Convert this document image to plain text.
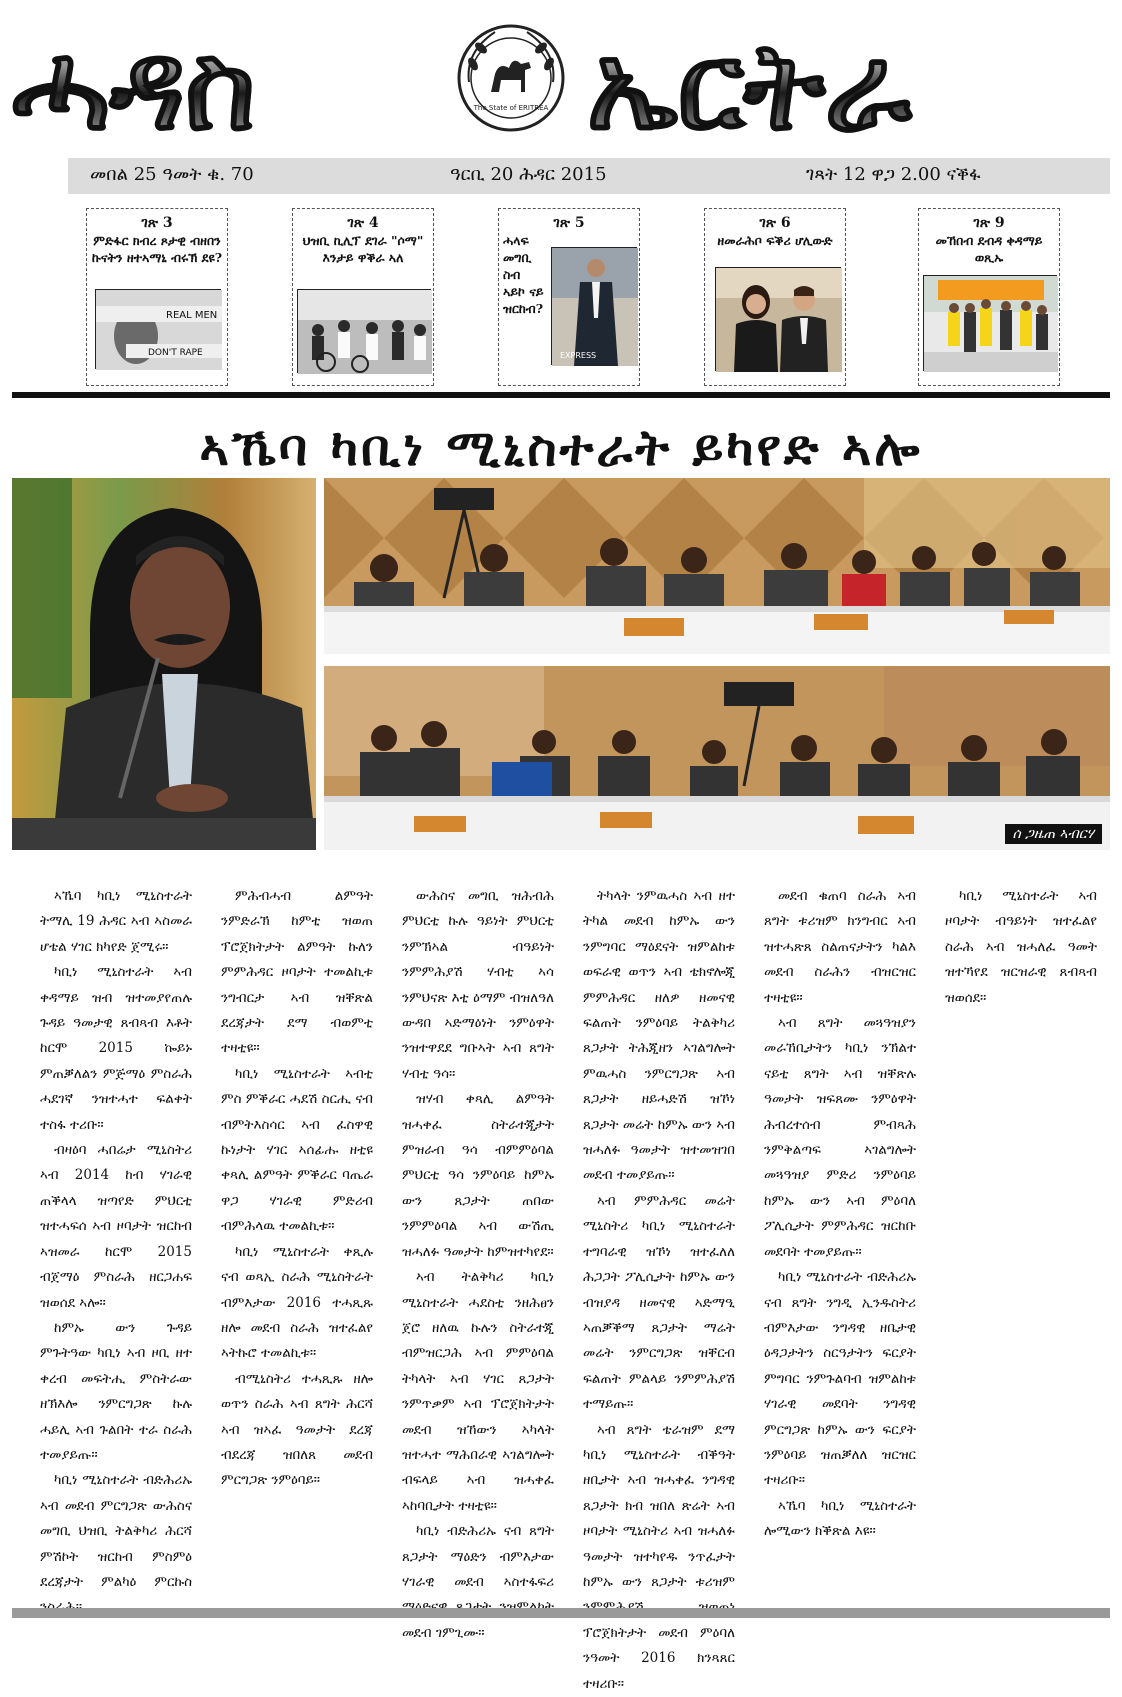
ሓዳስ	The State of ERITREA ኤርትራ
መበል 25 ዓመት ቁ. 70	ዓርቢ 20 ሕዳር 2015	ገጻት 12 ዋጋ 2.00 ናቕፋ
ገጽ 3
ምድፋር ክብረ ጾታዊ ብዘበን ኩናትን ዘተኣማኒ ብሩኽ ደዩ?
REAL MEN
DON'T RAPE
ገጽ 4
ህዝቢ ኪሊፕ ደገራ "ሶማ" እንታይ ዋቕራ ኣለ
ገጽ 5
ሓላፍ መግቢ ስብ ኣይኮ ናይ ዝርከብ?
EXPRESS
ገጽ 6
ዘመራሕቦ ፍቕሪ ሆሊውድ
ገጽ 9
መኸበብ ደብዳ ቀዳማይ ወጺኡ
ኣኼባ ካቢነ ሚኒስተራት ይካየድ ኣሎ
ሰ ጋዜጠ ኣብርሃ

ኣኼባ ካቢነ ሚኒስተራት ትማሊ 19 ሕዳር ኣብ ኣስመራ ሆቴል ሃገር ክካየድ ጀሚሩ።

ካቢነ ሚኒስተራት ኣብ ቀዳማይ ዝብ ዝተመያየጠሉ ጉዳይ ዓመታዊ ጸብጻብ እቶት ከርሞ 2015 ኰይኑ ምጠቓለልን ምጅማዕ ምስራሕ ሓደገኛ ንዝተሓተ ፍልቀት ተስፋ ተሪቡ።

ብዛዕባ ሓበሬታ ሚኒስትሪ ኣብ 2014 ከብ ሃገራዊ ጠቕላላ ዝጣየድ ምህርቲ ዝተሓፍሰ ኣብ ዞባታት ዝርከብ ኣዝመራ ከርሞ 2015 ብጀማዕ ምስራሕ ዘርጋሐፍ ዝወሰደ ኣሎ።

ከምኡ ውን ጉዳይ ምጉትዓው ካቢነ ኣብ ዞቢ ዘተ ቀረብ መፍትሒ ምስትራው ዘኽእሎ ንምርግጋጽ ኩሉ ሓይሊ ኣብ ጉልበት ተራ ስራሕ ተመያይጡ።

ካቢነ ሚኒስተራት ብድሕሪኡ ኣብ መደብ ምርግጋጽ ውሕስና መግቢ ህዝቢ ትልቅካሪ ሕርሻ ምሽኮት ዝርከብ ምስምዕ ደረጃታት ምልካዕ ምርኩስ

ምሕብሓብ ልምዓት ንምድራኽ ከምቲ ዝወጠ ፕሮጀክትታት ልምዓት ኩለን ምምሕዳር ዞባታት ተመልኪቱ ንግብርታ ኣብ ዝቐጽል ደረጃታት ደማ ብወምቲ ተዛቲዩ።

ካቢነ ሚኒስተራት ኣብቲ ምስ ምቕራር ሓደሽ ስርሒ ናብ ብምትእስሳር ኣብ ፈስዋዊ ኩነታት ሃገር ኣሰፊሑ ዘቲዩ ቀጻሊ ልምዓት ምቕራር ባጤራ ዋጋ ሃገራዊ ምድሪብ ብምሕላዉ ተመልኪቱ።

ካቢነ ሚኒስተራት ቀጺሉ ናብ ወጻኢ ስራሕ ሚኒስትራት ብምእታው 2016 ተሓጺጹ ዘሎ መደብ ስራሕ ዝተፈልየ ኣትኩሮ ተመልኪቱ።

ብሚኒስትሪ ተሓጺጹ ዘሎ ወጥን ስራሕ ኣብ ጸግት ሕርሻ ኣብ ዝኣፈ ዓመታት ደረጃ ብደረጃ ዝበለጸ መደብ ምርግጋጽ ንምዕባይ።

ውሕስና መግቢ ዝሕብሕ ምህርቲ ኩሉ ዓይነት ምህርቲ ንምኽኣል ብዓይነት ንምምሕያሽ ሃብቲ ኣሳ ንምህናጽ እቲ ዕማም ብዝለዓለ ውዳበ ኣድማዕነት ንምዕዋት ንዝተዋደደ ግቡኣት ኣብ ጸግት ሃብቲ ዓሳ።

ዝሃብ ቀጻሊ ልምዓት ዝሓቀፈ ስትራተጂታት ምዝራብ ዓሳ ብምምዕባል ምህርቲ ዓሳ ንምዕባይ ከምኡ ውን ጸጋታት ጠበው ንምምዕባል ኣብ ውሽጢ ዝሓለፉ ዓመታት ከምዝተካየደ።

ኣብ ትልቅካሪ ካቢነ ሚኒስተራት ሓደስቲ ንዘሕፀን ጀሮ ዘለዉ ኩሉን ስትራተጂ ብምዝርጋሕ ኣብ ምምዕባል ትካላት ኣብ ሃገር ጸጋታት ንምጥቃም ኣብ ፕሮጀክትታት መደብ ዝኸውን ኣካላት ዝተሓተ ማሕበራዊ ኣገልግሎት ብፍላይ ኣብ ዝሓቀፈ ኣከባቢታት ተዛቲዩ።

ካቢነ ብድሕሪኡ ናብ ጸግት ጸጋታት ማዕድን ብምእታው ሃገራዊ መደብ ኣስተፋፍሪ መደብ ገምጊሙ።

ትካላት ንምዉሓስ ኣብ ዘተ ትካል መደብ ከምኡ ውን ንምግባር ማዕደናት ዝምልከቱ ወፍራዊ ወጥን ኣብ ቴክኖሎጂ ምምሕዳር ዘለዎ ዘመናዊ ፍልጠት ንምዕባይ ትልቅካሪ ጸጋታት ትሕጂዘን ኣገልግሎት ምዉሓስ ንምርግጋጽ ኣብ ጸጋታት ዘይሓድሽ ዝኾነ ጸጋታት መሬት ከምኡ ውን ኣብ ዝሓለፉ ዓመታት ዝተመዝገበ መደብ ተመያይጡ።

ኣብ ምምሕዳር መሬት ሚኒስትሪ ካቢነ ሚኒስተራት ተግባራዊ ዝኾነ ዝተፈለለ ሕጋጋት ፖሊሲታት ከምኡ ውን ብዝያዳ ዘመናዊ ኣድማዒ ኣጠቓቕማ ጸጋታት ማሬት መሬት ንምርግጋጽ ዝቐርብ ፍልጠት ምልላይ ንምምሕያሽ ተማይጡ።

ኣብ ጸግት ቴራዝም ደማ ካቢነ ሚኒስተራት ብቕዓት ዘቢታት ኣብ ዝሓቀፈ ንግዳዊ ጸጋታት ክብ ዝበለ ጽሬት ኣብ ዞባታት ሚኒስትሪ ኣብ ዝሓለፉ ዓመታት ዝተካየዱ ንጥፈታት ከምኡ ውን ጸጋታት ቱሪዝም ፕሮጀክትታት መደብ ምዕባለ ንዓመት 2016 ክንጻጸር ተዛሪቡ።

መደብ ቁጠባ ስራሕ ኣብ ጸግት ቱሪዝም ክንግብር ኣብ ዝተሓጽጸ ስልጠናታትን ካልእ መደብ ስራሕን ብዝርዝር ተዛቲዩ።

ኣብ ጸግት መጓዓዝያን መራኸቢታትን ካቢነ ንኽልተ ናይቲ ጸግት ኣብ ዝቐጽሉ ዓመታት ዝፍጸሙ ንምዕዋት ሕብረተሰብ ምብጻሕ ንምቅልጣፍ ኣገልግሎት መጓዓዝያ ምድሪ ንምዕባይ ከምኡ ውን ኣብ ምዕባለ ፖሊሲታት ምምሕዳር ዝርከቡ መደባት ተመያይጡ።

ካቢነ ሚኒስተራት ብድሕሪኡ ናብ ጸግት ንግዲ ኢንዱስትሪ ብምእታው ንግዳዊ ዘቤታዊ ዕዳጋታትን ስርዓታትን ፍርያት ምግባር ንምጉልባብ ዝምልከቱ ሃገራዊ መደባት ንግዳዊ ምርግጋጽ ከምኡ ውን ፍርያት ንምዕባይ ዝጠቓለለ ዝርዝር ተዛሪቡ።

ኣኼባ ካቢነ ሚኒስተራት ሎሚውን ክቕጽል እዩ።

ካቢነ ሚኒስተራት ኣብ ዞባታት ብዓይነት ዝተፈልየ ስራሕ ኣብ ዝሓለፈ ዓመት ዝተኻየደ ዝርዝራዊ ጸብጻብ ዝወሰደ።
